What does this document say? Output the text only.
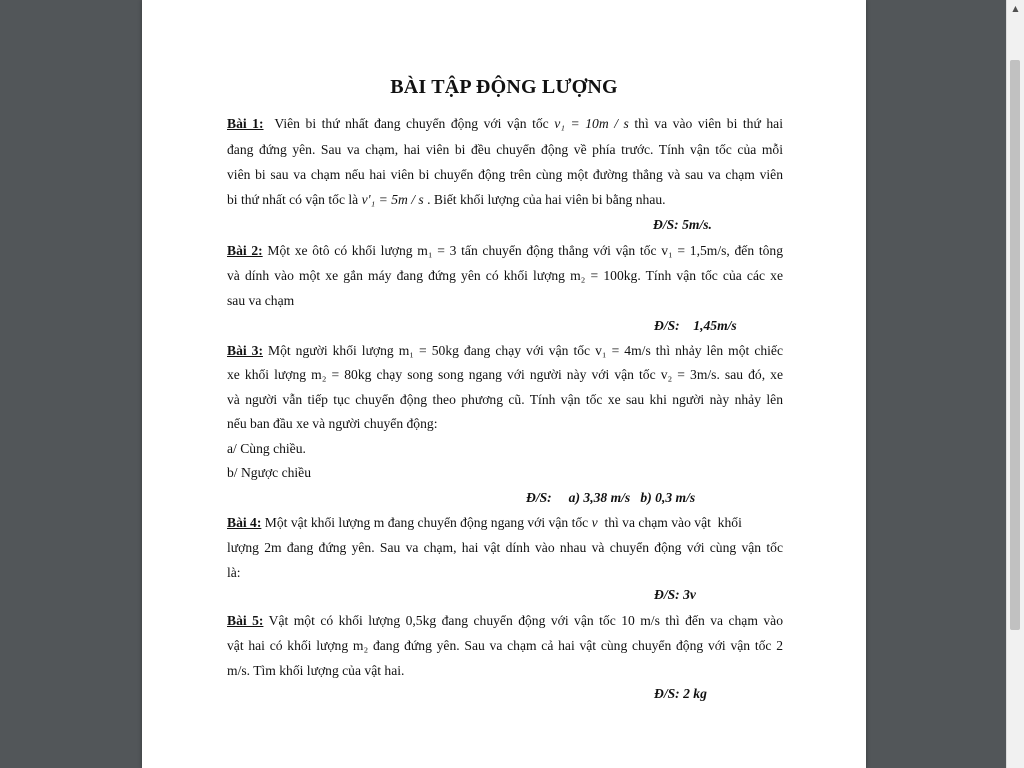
BÀI TẬP ĐỘNG LƯỢNG
Bài 1: Viên bi thứ nhất đang chuyển động với vận tốc v₁ = 10m / s thì va vào viên bi thứ hai
đang đứng yên. Sau va chạm, hai viên bi đều chuyển động về phía trước. Tính vận tốc của mỗi
viên bi sau va chạm nếu hai viên bi chuyển động trên cùng một đường thẳng và sau va chạm viên
bi thứ nhất có vận tốc là v'₁ = 5m / s . Biết khối lượng của hai viên bi bằng nhau.
Đ/S: 5m/s.
Bài 2: Một xe ôtô có khối lượng m₁ = 3 tấn chuyển động thẳng với vận tốc v₁ = 1,5m/s, đến tông
và dính vào một xe gắn máy đang đứng yên có khối lượng m₂ = 100kg. Tính vận tốc của các xe
sau va chạm
Đ/S:    1,45m/s
Bài 3: Một người khối lượng m₁ = 50kg đang chạy với vận tốc v₁ = 4m/s thì nhảy lên một chiếc
xe khối lượng m₂ = 80kg chạy song song ngang với người này với vận tốc v₂ = 3m/s. sau đó, xe
và người vẫn tiếp tục chuyển động theo phương cũ. Tính vận tốc xe sau khi người này nhảy lên
nếu ban đầu xe và người chuyển động:
a/ Cùng chiều.
b/ Ngược chiều
Đ/S:     a) 3,38 m/s   b) 0,3 m/s
Bài 4: Một vật khối lượng m đang chuyển động ngang với vận tốc v  thì va chạm vào vật  khối
lượng 2m đang đứng yên. Sau va chạm, hai vật dính vào nhau và chuyển động với cùng vận tốc
là:
Đ/S: 3v
Bài 5: Vật một có khối lượng 0,5kg đang chuyển động với vận tốc 10 m/s thì đến va chạm vào
vật hai có khối lượng m₂ đang đứng yên. Sau va chạm cả hai vật cùng chuyển động với vận tốc 2
m/s. Tìm khối lượng của vật hai.
Đ/S: 2 kg
▲
